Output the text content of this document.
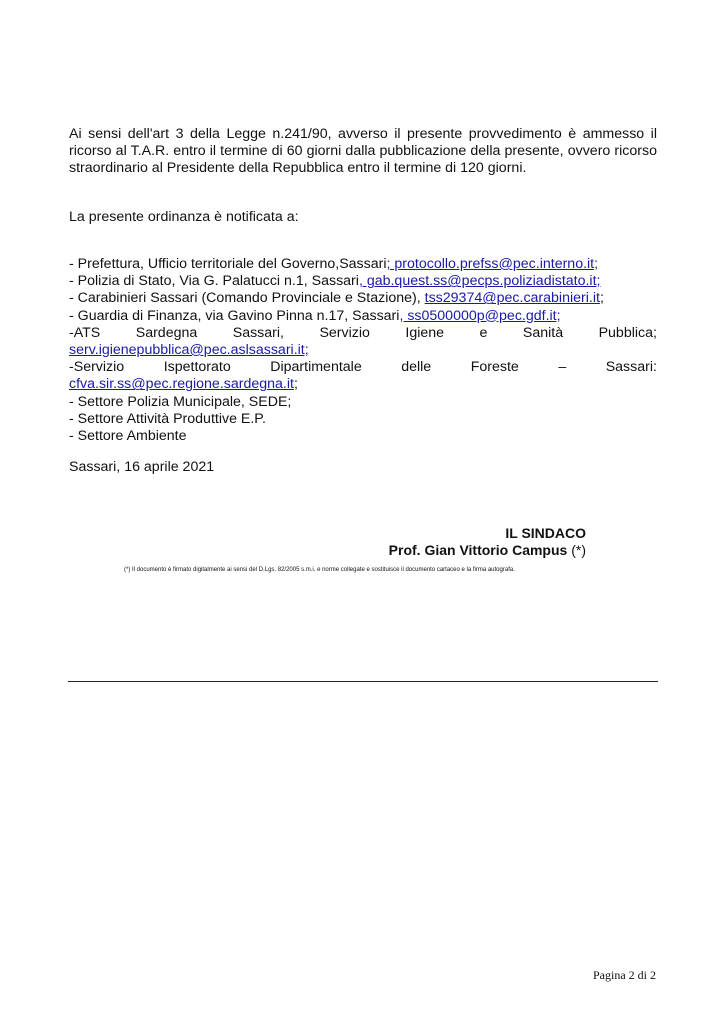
Ai sensi dell'art 3 della Legge n.241/90, avverso il presente provvedimento è ammesso il ricorso al T.A.R. entro il termine di 60 giorni dalla pubblicazione della presente, ovvero ricorso straordinario al Presidente della Repubblica entro il termine di 120 giorni.
La presente ordinanza è notificata a:
- Prefettura, Ufficio territoriale del Governo,Sassari; protocollo.prefss@pec.interno.it;
- Polizia di Stato, Via G. Palatucci n.1, Sassari, gab.quest.ss@pecps.poliziadistato.it;
- Carabinieri Sassari (Comando Provinciale e Stazione), tss29374@pec.carabinieri.it;
- Guardia di Finanza, via Gavino Pinna n.17, Sassari, ss0500000p@pec.gdf.it;
-ATS Sardegna Sassari, Servizio Igiene e Sanità Pubblica;
serv.igienepubblica@pec.aslsassari.it;
-Servizio	Ispettorato	Dipartimentale	delle	Foreste	–	Sassari:
cfva.sir.ss@pec.regione.sardegna.it;
- Settore Polizia Municipale, SEDE;
- Settore Attività Produttive E.P.
- Settore Ambiente
Sassari, 16 aprile 2021
IL SINDACO
Prof. Gian Vittorio Campus (*)
(*) Il documento è firmato digitalmente ai sensi del D.Lgs. 82/2005 s.m.i. e norme collegate e sostituisce il documento cartaceo e la firma autografa.
Pagina 2 di 2
